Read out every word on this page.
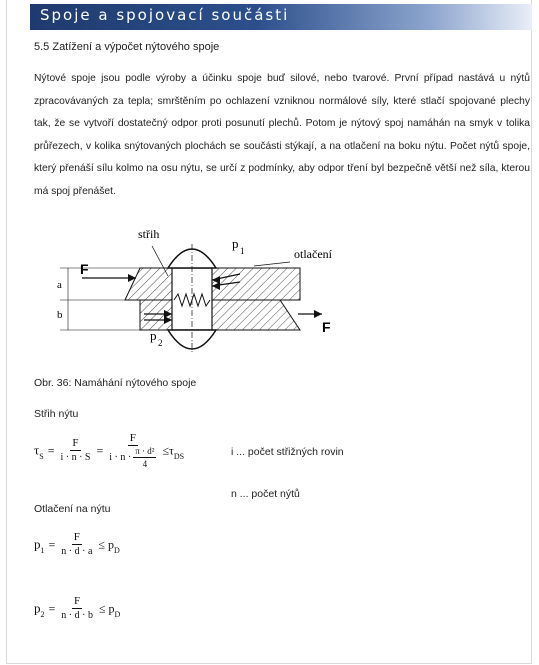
Spoje a spojovací součásti
5.5 Zatížení a výpočet nýtového spoje
Nýtové spoje jsou podle výroby a účinku spoje buď silové, nebo tvarové. První případ nastává u nýtů zpracovávaných za tepla; smrštěním po ochlazení vzniknou normálové síly, které stlačí spojované plechy tak, že se vytvoří dostatečný odpor proti posunutí plechů. Potom je nýtový spoj namáhán na smyk v tolika průřezech, v kolika snýtovaných plochách se součásti stýkají, a na otlačení na boku nýtu. Počet nýtů spoje, který přenáší sílu kolmo na osu nýtu, se určí z podmínky, aby odpor tření byl bezpečně větší než síla, kterou má spoj přenášet.
střih
otlačení
F
F
a
b
p 1
p 2
Obr. 36: Namáhání nýtového spoje
Střih nýtu
$\tau_S = \frac{F}{i \cdot n \cdot S} = \frac{F}{i \cdot n \cdot \frac{\text{π · d²}}{4}} \le\tau_{DS}$	i ... počet střižných rovin
n ... počet nýtů
Otlačení na nýtu
$p_1 = \frac{F}{n \cdot d \cdot a} \le p_D$
$p_2 = \frac{F}{n \cdot d \cdot b} \le p_D$
